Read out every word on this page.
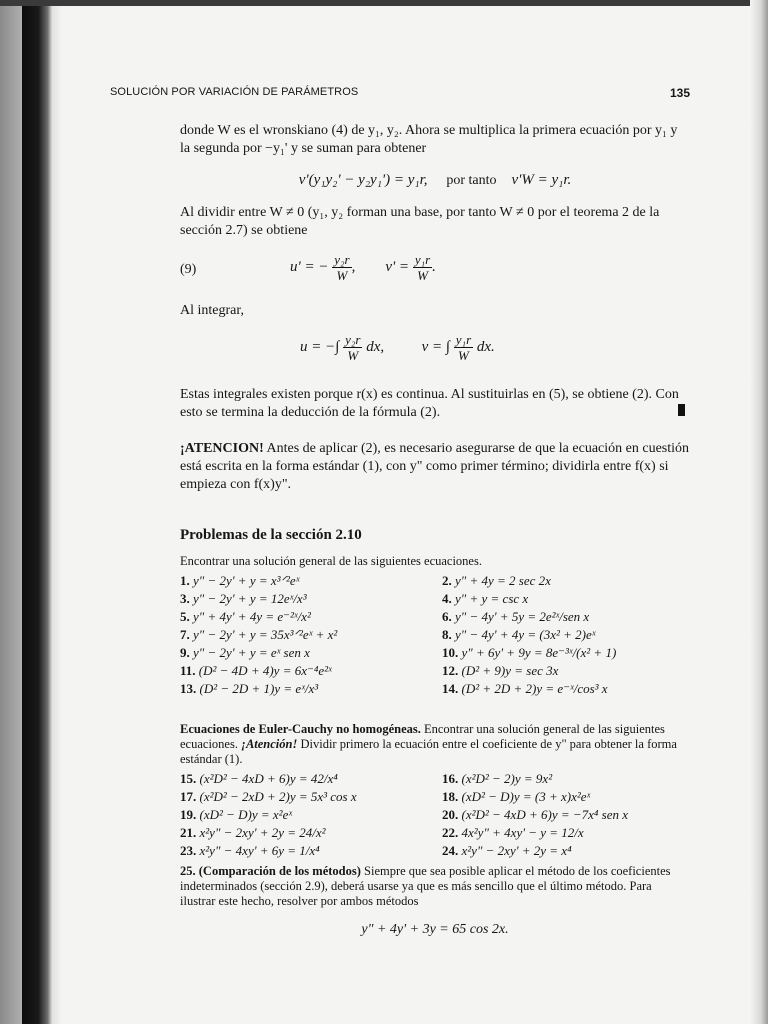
SOLUCIÓN POR VARIACIÓN DE PARÁMETROS	135
donde W es el wronskiano (4) de y₁, y₂. Ahora se multiplica la primera ecuación por y₁ y la segunda por −y₁' y se suman para obtener
v'(y₁y₂' − y₂y₁') = y₁r, por tanto v'W = y₁r.
Al dividir entre W ≠ 0 (y₁, y₂ forman una base, por tanto W ≠ 0 por el teorema 2 de la sección 2.7) se obtiene
(9)	u' = − $\frac{\text{y₂r}}{W}$ ,        $v' = \frac{\text{y₁r}}{W}$ .
Al integrar,
u = −∫ $\frac{\text{y₂r}}{W}$ dx,	v = ∫ $\frac{\text{y₁r}}{W}$ dx.
Estas integrales existen porque r(x) es continua. Al sustituirlas en (5), se obtiene (2). Con esto se termina la deducción de la fórmula (2).
¡ATENCION! Antes de aplicar (2), es necesario asegurarse de que la ecuación en cuestión está escrita en la forma estándar (1), con y" como primer término; dividirla entre f(x) si empieza con f(x)y".
Problemas de la sección 2.10
Encontrar una solución general de las siguientes ecuaciones.
1. y" − 2y' + y = x³ᐟ²eˣ	2. y" + 4y = 2 sec 2x
3. y" − 2y' + y = 12eˣ/x³	4. y" + y = csc x
5. y" + 4y' + 4y = e⁻²ˣ/x²	6. y" − 4y' + 5y = 2e²ˣ/sen x
7. y" − 2y' + y = 35x³ᐟ²eˣ + x²	8. y" − 4y' + 4y = (3x² + 2)eˣ
9. y" − 2y' + y = eˣ sen x	10. y" + 6y' + 9y = 8e⁻³ˣ/(x² + 1)
11. (D² − 4D + 4)y = 6x⁻⁴e²ˣ	12. (D² + 9)y = sec 3x
13. (D² − 2D + 1)y = eˣ/x³	14. (D² + 2D + 2)y = e⁻ˣ/cos³ x
Ecuaciones de Euler-Cauchy no homogéneas. Encontrar una solución general de las siguientes ecuaciones. ¡Atención! Dividir primero la ecuación entre el coeficiente de y" para obtener la forma estándar (1).
15. (x²D² − 4xD + 6)y = 42/x⁴	16. (x²D² − 2)y = 9x²
17. (x²D² − 2xD + 2)y = 5x³ cos x	18. (xD² − D)y = (3 + x)x²eˣ
19. (xD² − D)y = x²eˣ	20. (x²D² − 4xD + 6)y = −7x⁴ sen x
21. x²y" − 2xy' + 2y = 24/x²	22. 4x²y" + 4xy' − y = 12/x
23. x²y" − 4xy' + 6y = 1/x⁴	24. x²y" − 2xy' + 2y = x⁴
25. (Comparación de los métodos) Siempre que sea posible aplicar el método de los coeficientes indeterminados (sección 2.9), deberá usarse ya que es más sencillo que el último método. Para ilustrar este hecho, resolver por ambos métodos
y" + 4y' + 3y = 65 cos 2x.
